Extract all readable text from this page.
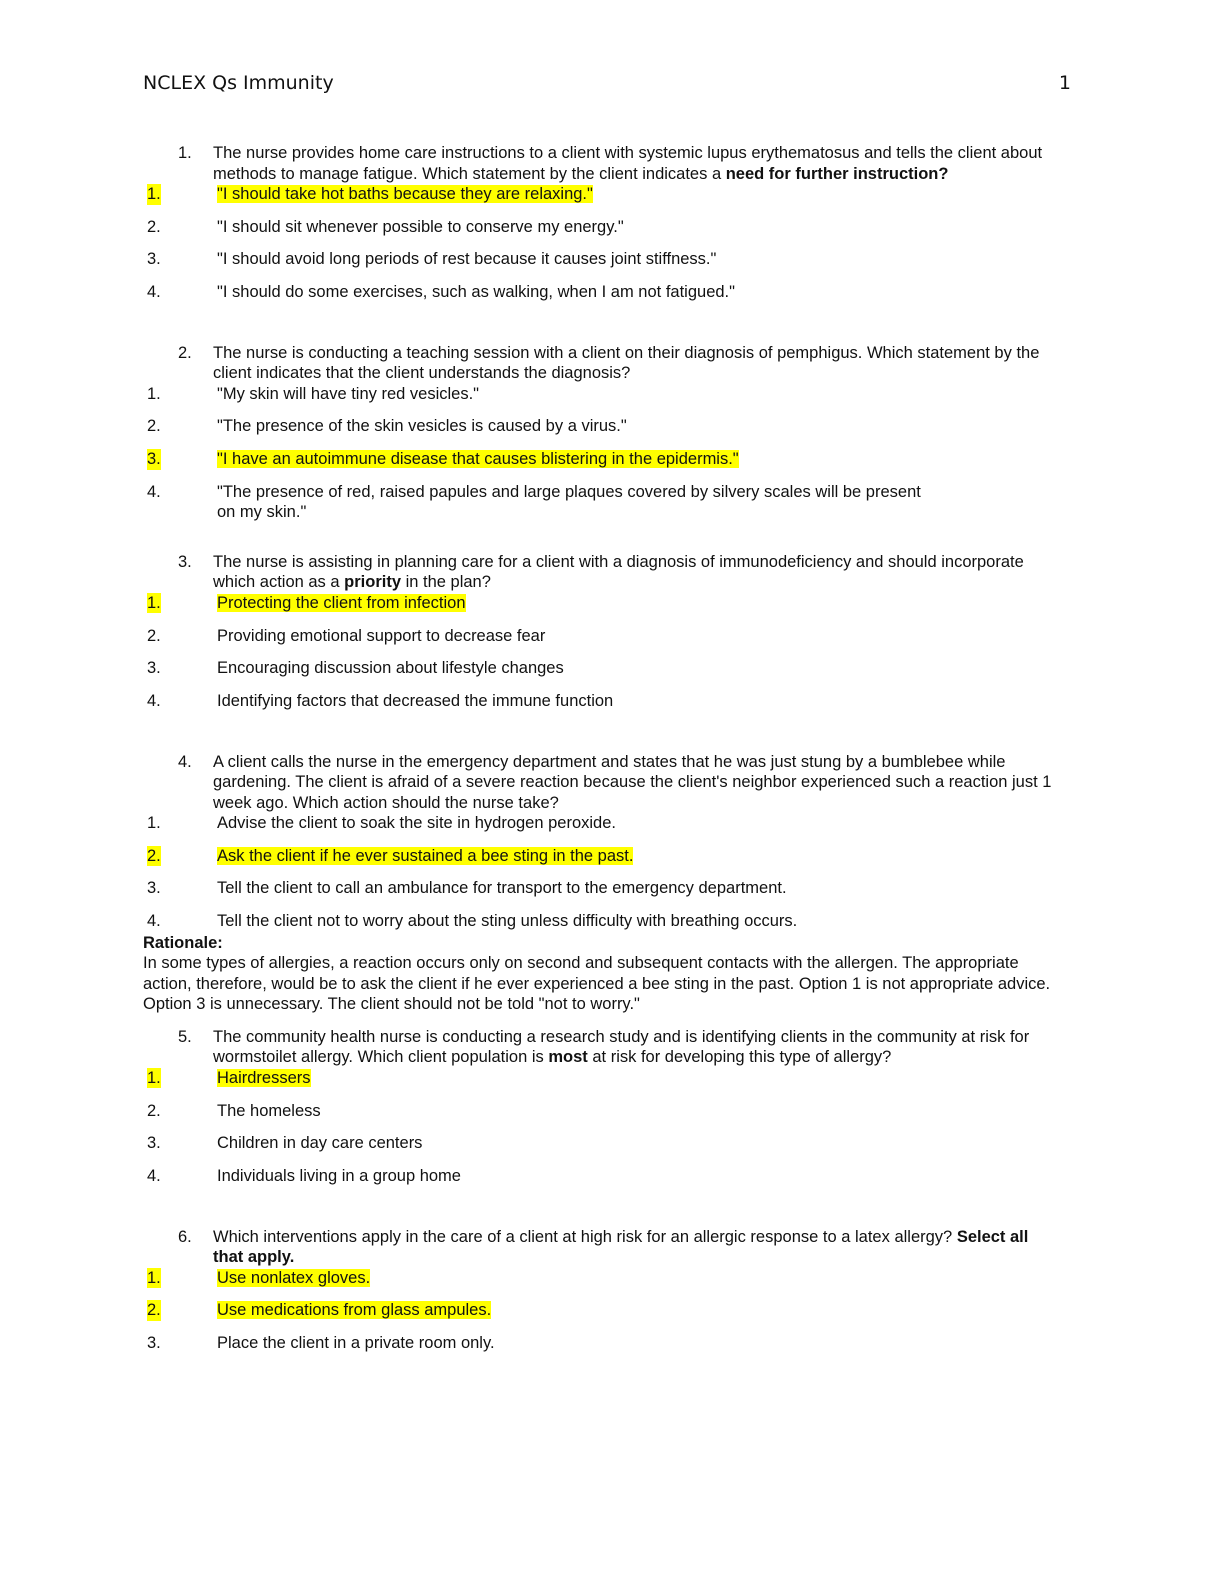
NCLEX Qs Immunity	1
1. The nurse provides home care instructions to a client with systemic lupus erythematosus and tells the client about methods to manage fatigue. Which statement by the client indicates a need for further instruction?
1.	"I should take hot baths because they are relaxing."
2.	"I should sit whenever possible to conserve my energy."
3.	"I should avoid long periods of rest because it causes joint stiffness."
4.	"I should do some exercises, such as walking, when I am not fatigued."
2. The nurse is conducting a teaching session with a client on their diagnosis of pemphigus. Which statement by the client indicates that the client understands the diagnosis?
1.	"My skin will have tiny red vesicles."
2.	"The presence of the skin vesicles is caused by a virus."
3.	"I have an autoimmune disease that causes blistering in the epidermis."
4.	"The presence of red, raised papules and large plaques covered by silvery scales will be present on my skin."
3. The nurse is assisting in planning care for a client with a diagnosis of immunodeficiency and should incorporate which action as a priority in the plan?
1.	Protecting the client from infection
2.	Providing emotional support to decrease fear
3.	Encouraging discussion about lifestyle changes
4.	Identifying factors that decreased the immune function
4. A client calls the nurse in the emergency department and states that he was just stung by a bumblebee while gardening. The client is afraid of a severe reaction because the client's neighbor experienced such a reaction just 1 week ago. Which action should the nurse take?
1.	Advise the client to soak the site in hydrogen peroxide.
2.	Ask the client if he ever sustained a bee sting in the past.
3.	Tell the client to call an ambulance for transport to the emergency department.
4.	Tell the client not to worry about the sting unless difficulty with breathing occurs.
Rationale:
In some types of allergies, a reaction occurs only on second and subsequent contacts with the allergen. The appropriate action, therefore, would be to ask the client if he ever experienced a bee sting in the past. Option 1 is not appropriate advice. Option 3 is unnecessary. The client should not be told "not to worry."
5. The community health nurse is conducting a research study and is identifying clients in the community at risk for wormstoilet allergy. Which client population is most at risk for developing this type of allergy?
1.	Hairdressers
2.	The homeless
3.	Children in day care centers
4.	Individuals living in a group home
6. Which interventions apply in the care of a client at high risk for an allergic response to a latex allergy? Select all that apply.
1.	Use nonlatex gloves.
2.	Use medications from glass ampules.
3.	Place the client in a private room only.
